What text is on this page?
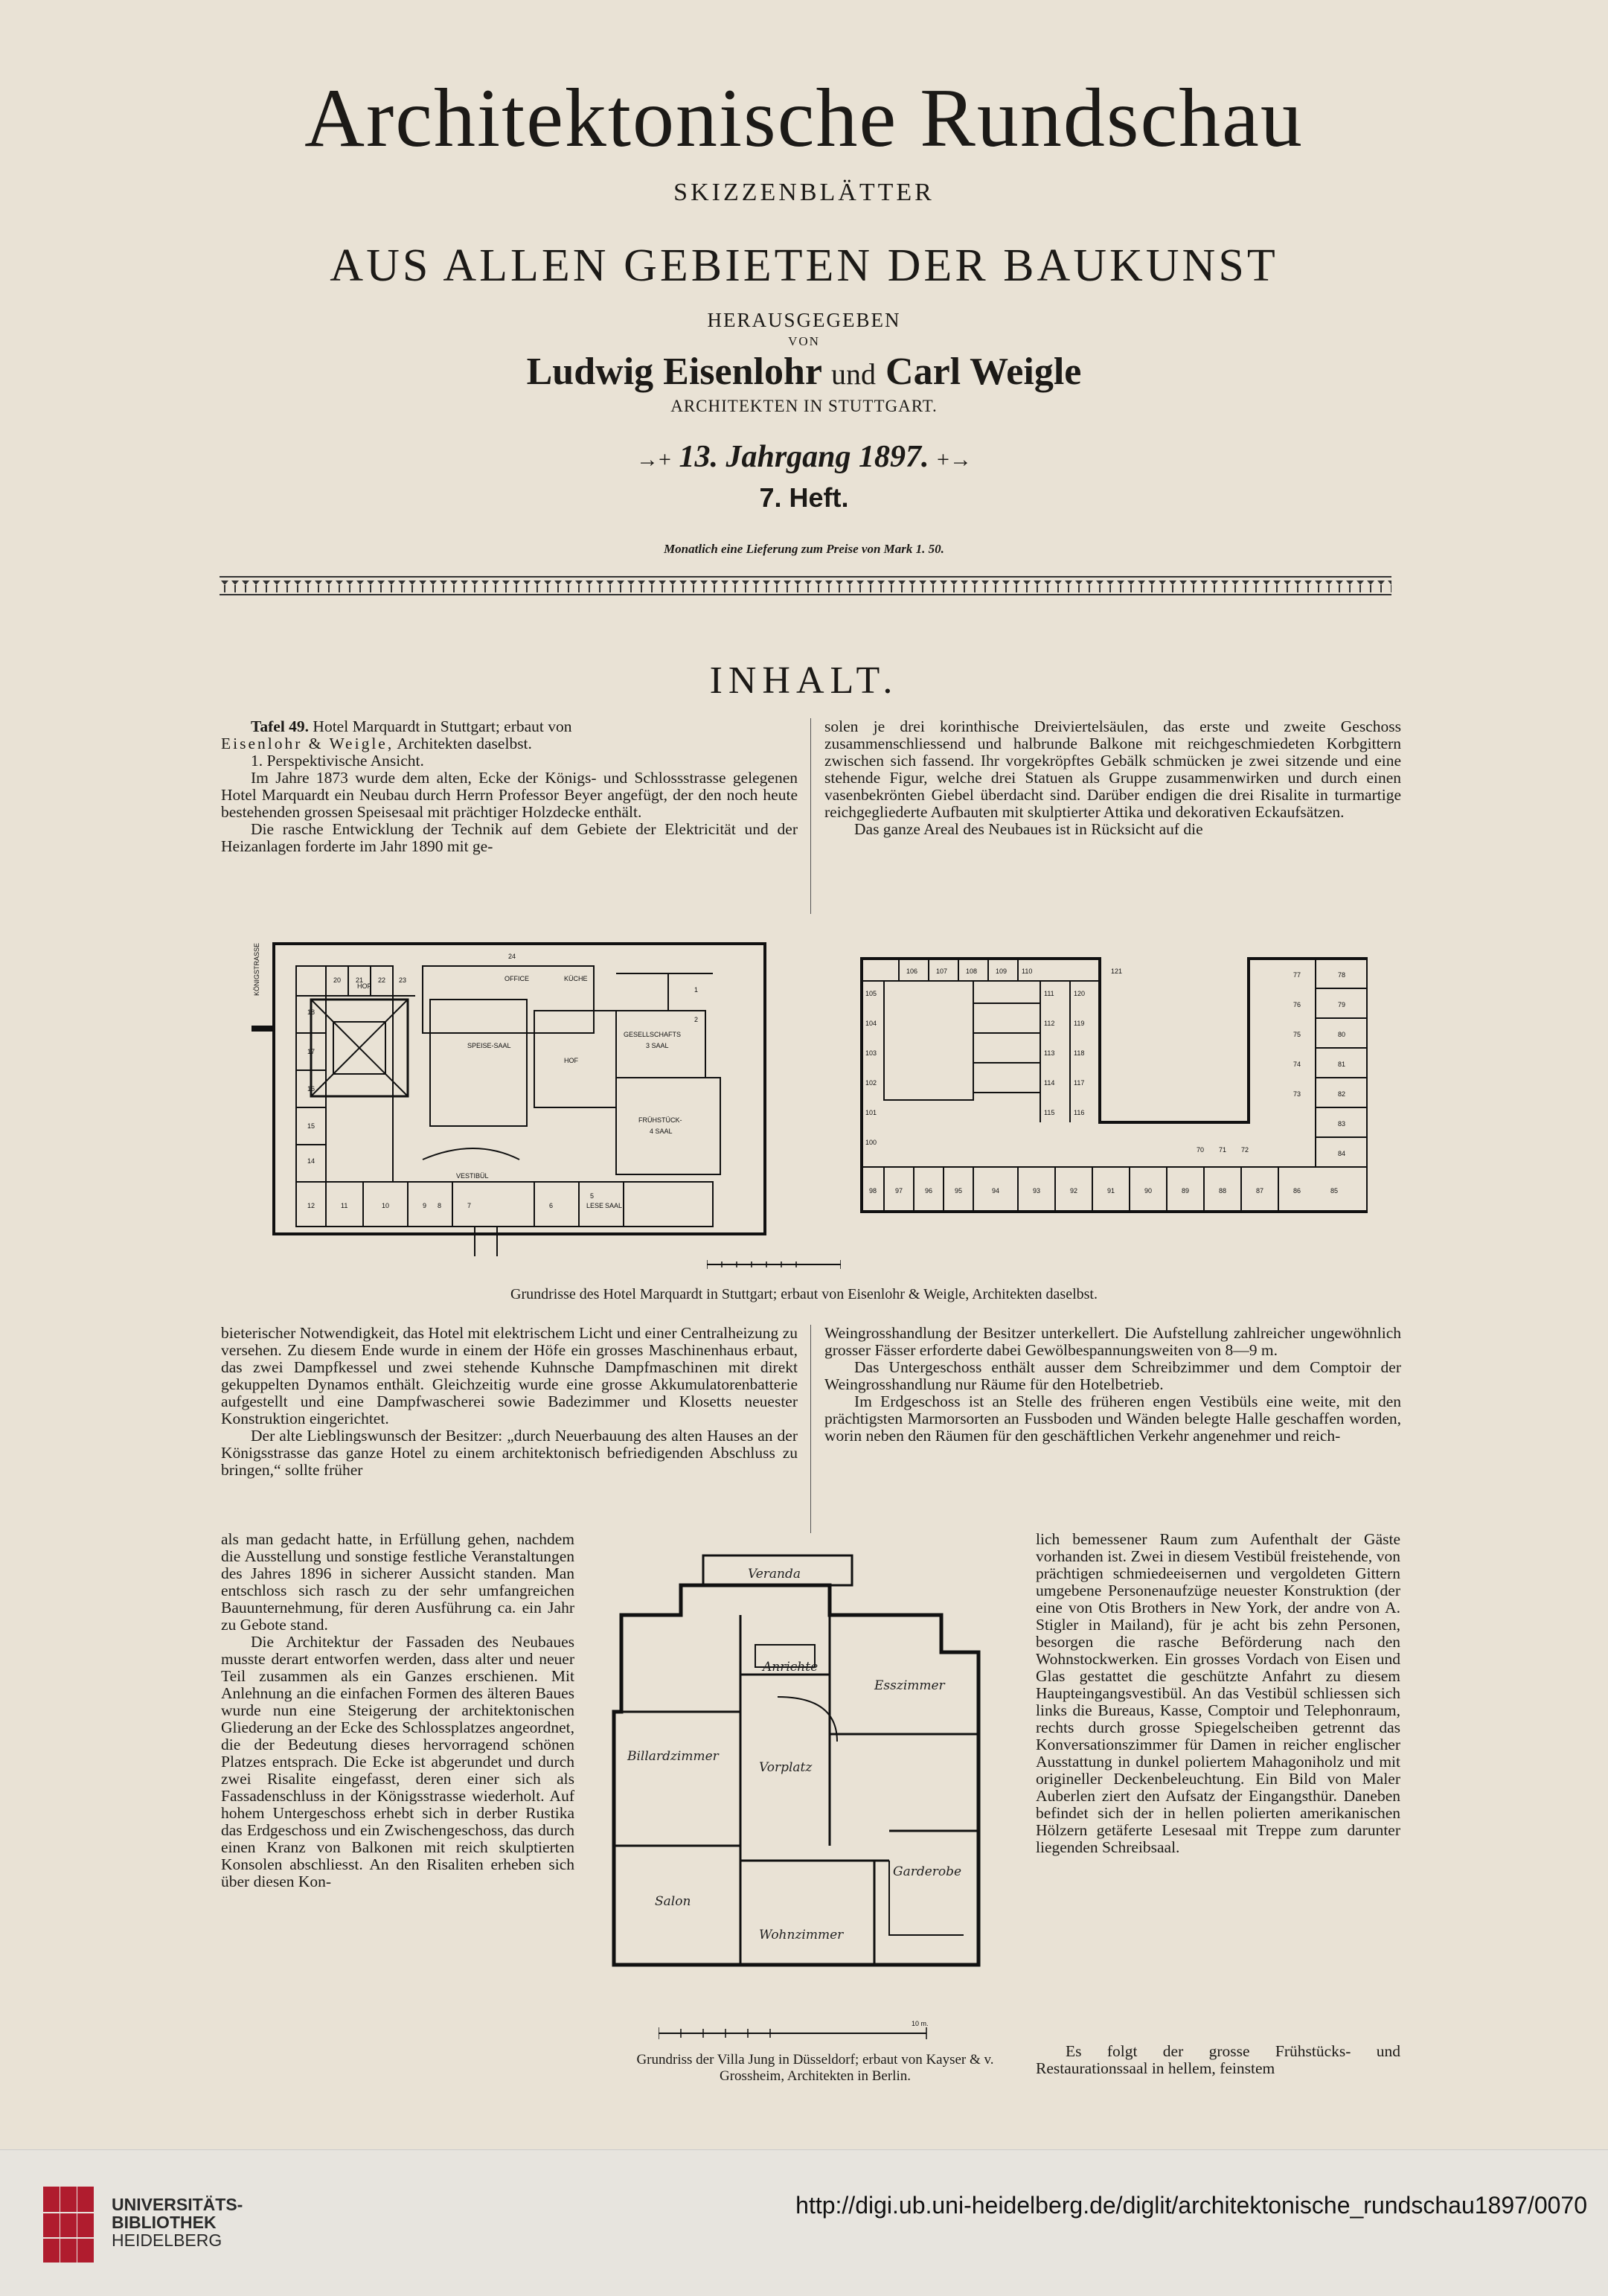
Architektonische Rundschau
SKIZZENBLÄTTER
AUS ALLEN GEBIETEN DER BAUKUNST
HERAUSGEGEBEN
VON
Ludwig Eisenlohr und Carl Weigle
ARCHITEKTEN IN STUTTGART.
→+ 13. Jahrgang 1897. +→
7. Heft.
Monatlich eine Lieferung zum Preise von Mark 1. 50.
INHALT.

Tafel 49. Hotel Marquardt in Stuttgart; erbaut von
Eisenlohr & Weigle, Architekten daselbst.

1. Perspektivische Ansicht.

Im Jahre 1873 wurde dem alten, Ecke der Königs- und Schlossstrasse gelegenen Hotel Marquardt ein Neubau durch Herrn Professor Beyer angefügt, der den noch heute bestehenden grossen Speisesaal mit prächtiger Holzdecke enthält.

Die rasche Entwicklung der Technik auf dem Gebiete der Elektricität und der Heizanlagen forderte im Jahr 1890 mit ge-

solen je drei korinthische Dreiviertelsäulen, das erste und zweite Geschoss zusammenschliessend und halbrunde Balkone mit reichgeschmiedeten Korbgittern zwischen sich fassend. Ihr vorgekröpftes Gebälk schmücken je zwei sitzende und eine stehende Figur, welche drei Statuen als Gruppe zusammenwirken und durch einen vasenbekrönten Giebel überdacht sind. Darüber endigen die drei Risalite in turmartige reichgegliederte Aufbauten mit skulptierter Attika und dekorativen Eckaufsätzen.

Das ganze Areal des Neubaues ist in Rücksicht auf die

KÖNIGSTRASSE	HOF
SPEISE-SAAL
HOF
GESELLSCHAFTS
3 SAAL
FRÜHSTÜCK-
4 SAAL
OFFICE	KÜCHE
VESTIBÜL
LESE SAAL
24
20 21 22 23
18
17
16
15
14
12	11	10	9 8	7	6
5
2
1
106	107	108	109 110
105
104
103
102
101
100
111
112
113
114
115
120
119
118
117
116
98	97	96	95	94	93	92	91	90	89	88	87	86	85
78
79
80
81
82
83
84
77
76
75
74
73
121
70 71 72
Grundrisse des Hotel Marquardt in Stuttgart; erbaut von Eisenlohr & Weigle, Architekten daselbst.

bieterischer Notwendigkeit, das Hotel mit elektrischem Licht und einer Centralheizung zu versehen. Zu diesem Ende wurde in einem der Höfe ein grosses Maschinenhaus erbaut, das zwei Dampfkessel und zwei stehende Kuhnsche Dampfmaschinen mit direkt gekuppelten Dynamos enthält. Gleichzeitig wurde eine grosse Akkumulatorenbatterie aufgestellt und eine Dampfwascherei sowie Badezimmer und Klosetts neuester Konstruktion eingerichtet.

Der alte Lieblingswunsch der Besitzer: „durch Neuerbauung des alten Hauses an der Königsstrasse das ganze Hotel zu einem architektonisch befriedigenden Abschluss zu bringen,“ sollte früher

Weingrosshandlung der Besitzer unterkellert. Die Aufstellung zahlreicher ungewöhnlich grosser Fässer erforderte dabei Gewölbespannungsweiten von 8—9 m.

Das Untergeschoss enthält ausser dem Schreibzimmer und dem Comptoir der Weingrosshandlung nur Räume für den Hotelbetrieb.

Im Erdgeschoss ist an Stelle des früheren engen Vestibüls eine weite, mit den prächtigsten Marmorsorten an Fussboden und Wänden belegte Halle geschaffen worden, worin neben den Räumen für den geschäftlichen Verkehr angenehmer und reich-

als man gedacht hatte, in Erfüllung gehen, nachdem die Ausstellung und sonstige festliche Veranstaltungen des Jahres 1896 in sicherer Aussicht standen. Man entschloss sich rasch zu der sehr umfangreichen Bauunternehmung, für deren Ausführung ca. ein Jahr zu Gebote stand.

Die Architektur der Fassaden des Neubaues musste derart entworfen werden, dass alter und neuer Teil zusammen als ein Ganzes erschienen. Mit Anlehnung an die einfachen Formen des älteren Baues wurde nun eine Steigerung der architektonischen Gliederung an der Ecke des Schlossplatzes angeordnet, die der Bedeutung dieses hervorragend schönen Platzes entsprach. Die Ecke ist abgerundet und durch zwei Risalite eingefasst, deren einer sich als Fassadenschluss in der Königsstrasse wiederholt. Auf hohem Untergeschoss erhebt sich in derber Rustika das Erdgeschoss und ein Zwischengeschoss, das durch einen Kranz von Balkonen mit reich skulptierten Konsolen abschliesst. An den Risaliten erheben sich über diesen Kon-

Veranda
Anrichte
Esszimmer
Billardzimmer
Vorplatz
Salon
Garderobe
Wohnzimmer
10 m.
Grundriss der Villa Jung in Düsseldorf; erbaut von Kayser & v. Grossheim, Architekten in Berlin.

lich bemessener Raum zum Aufenthalt der Gäste vorhanden ist. Zwei in diesem Vestibül freistehende, von prächtigen schmiedeeisernen und vergoldeten Gittern umgebene Personenaufzüge neuester Konstruktion (der eine von Otis Brothers in New York, der andre von A. Stigler in Mailand), für je acht bis zehn Personen, besorgen die rasche Beförderung nach den Wohnstockwerken. Ein grosses Vordach von Eisen und Glas gestattet die geschützte Anfahrt zu diesem Haupteingangsvestibül. An das Vestibül schliessen sich links die Bureaus, Kasse, Comptoir und Telephonraum, rechts durch grosse Spiegelscheiben getrennt das Konversationszimmer für Damen in reicher englischer Ausstattung in dunkel poliertem Mahagoniholz und mit origineller Deckenbeleuchtung. Ein Bild von Maler Auberlen ziert den Aufsatz der Eingangsthür. Daneben befindet sich der in hellen polierten amerikanischen Hölzern getäferte Lesesaal mit Treppe zum darunter liegenden Schreibsaal.

Es folgt der grosse Frühstücks- und Restaurationssaal in hellem, feinstem

UNIVERSITÄTS-
BIBLIOTHEK
HEIDELBERG
http://digi.ub.uni-heidelberg.de/diglit/architektonische_rundschau1897/0070
